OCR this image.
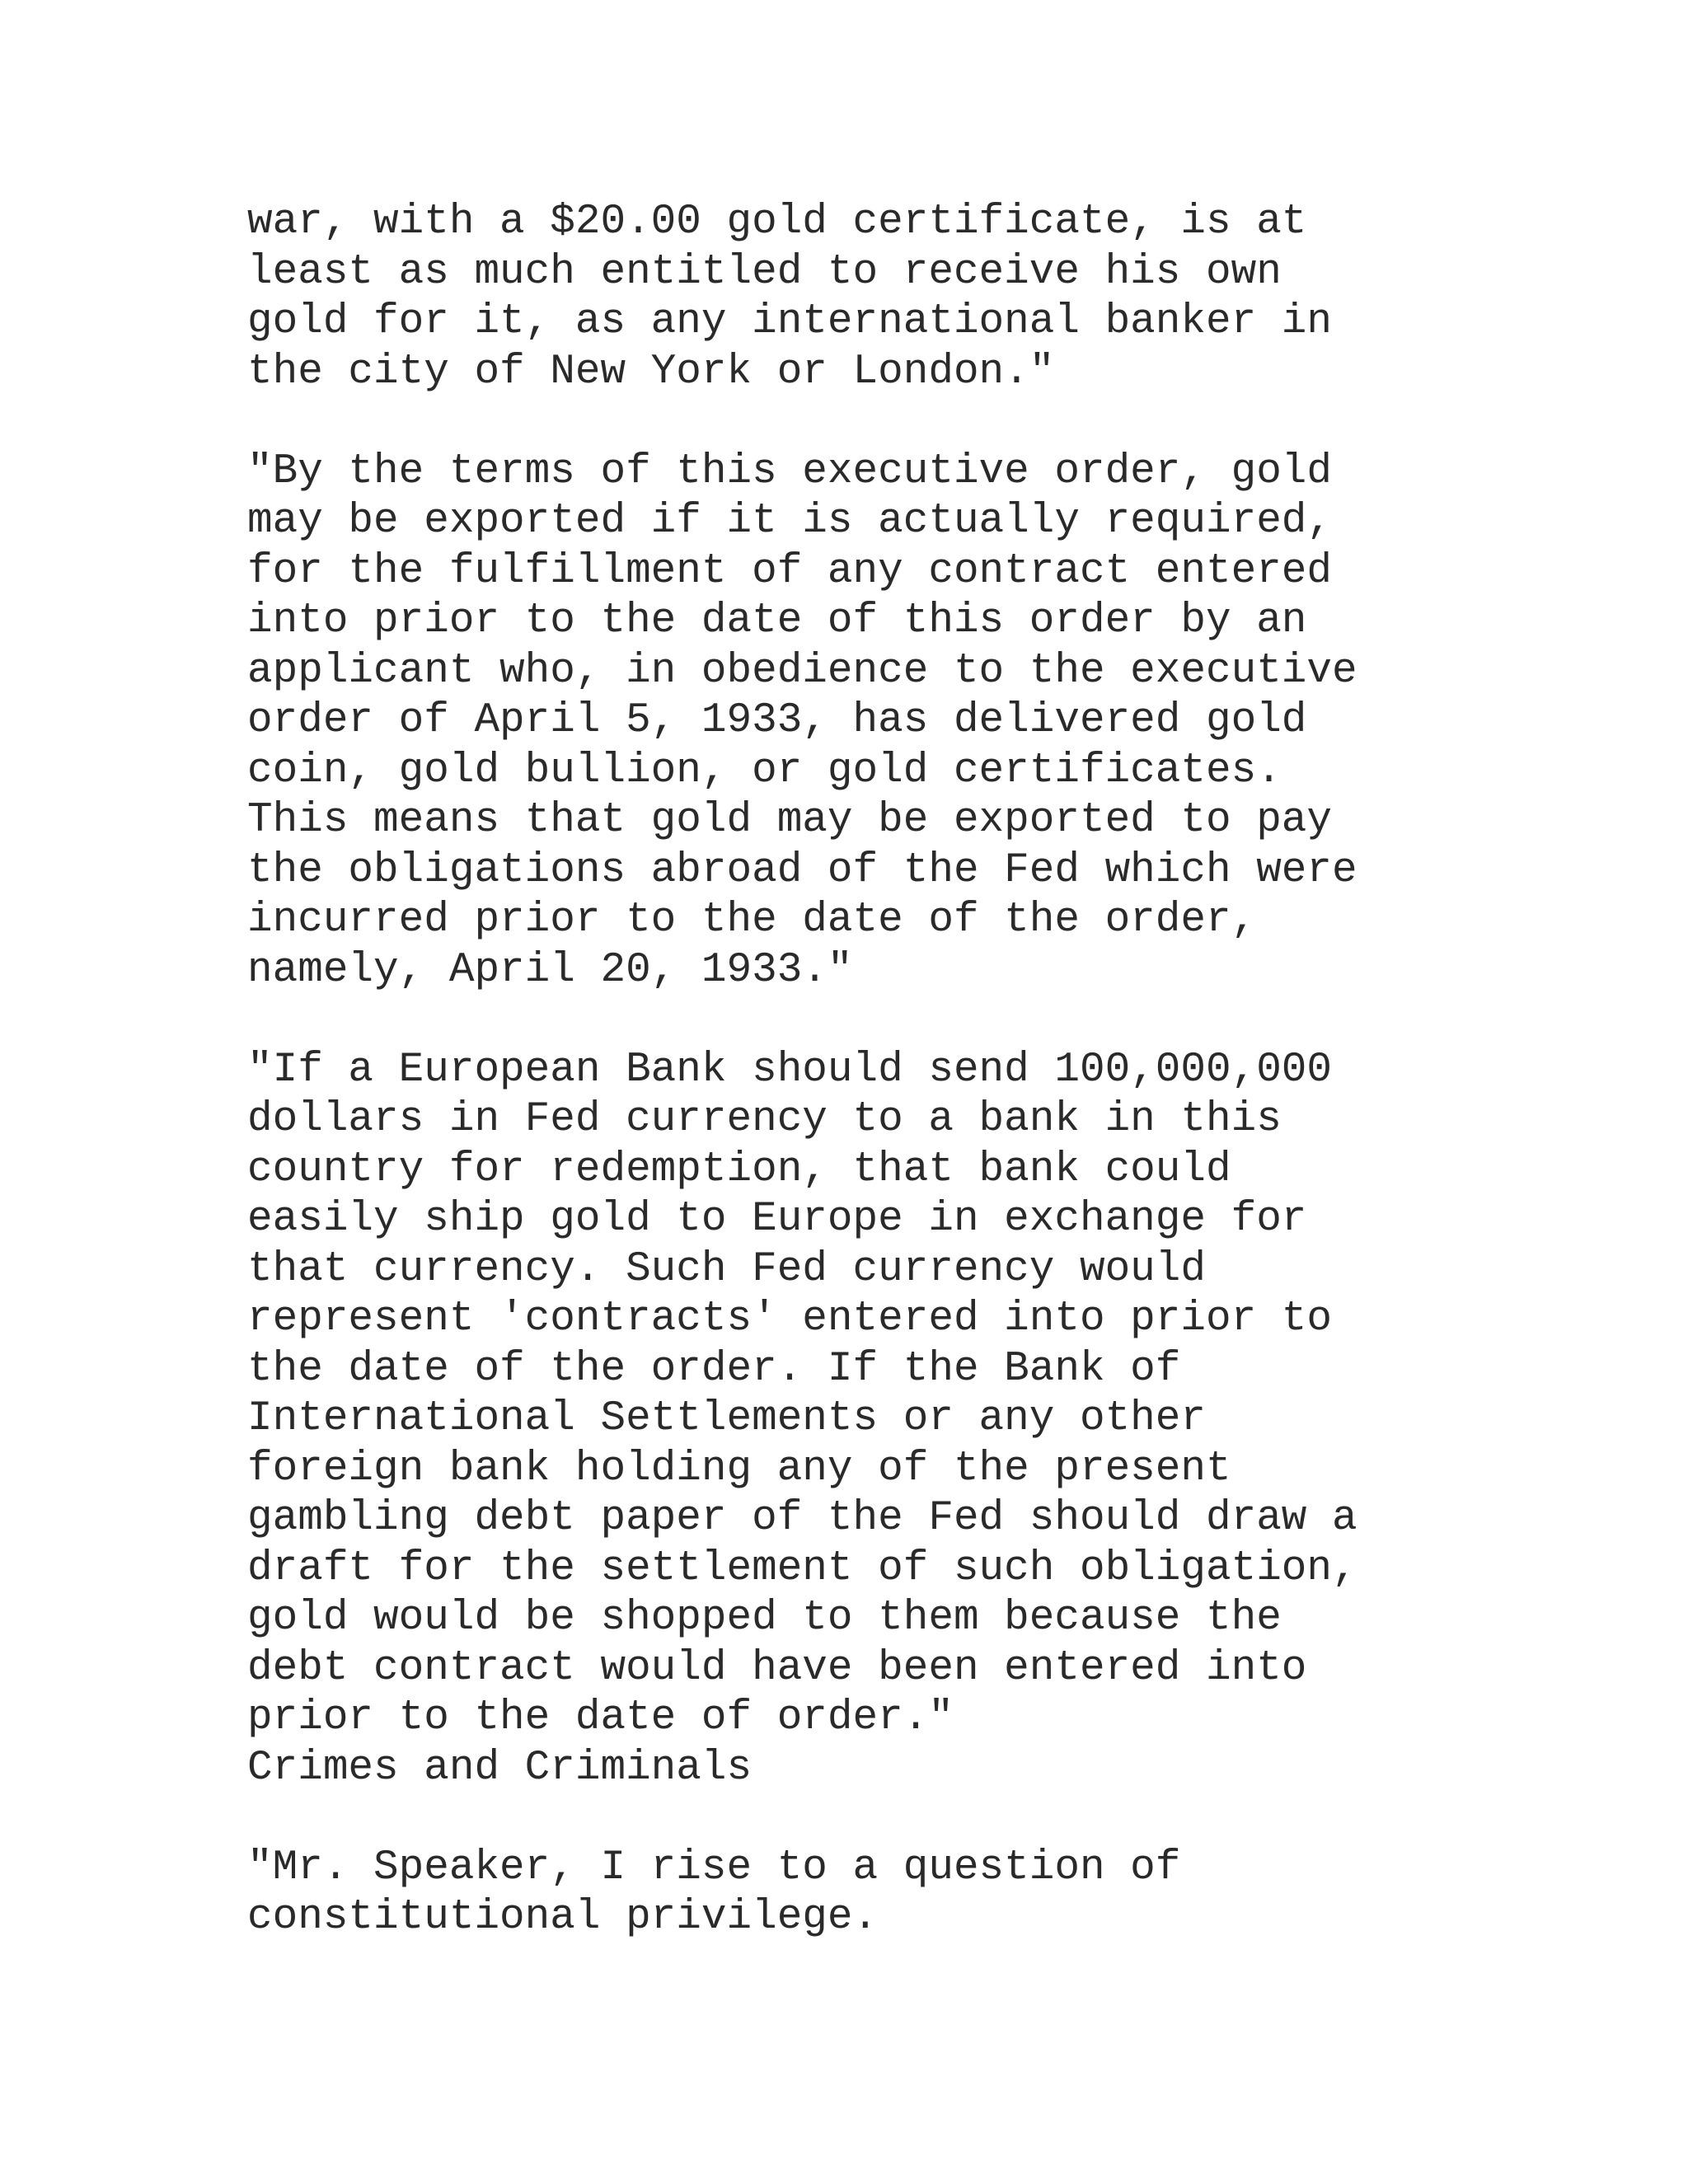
war, with a $20.00 gold certificate, is at
least as much entitled to receive his own
gold for it, as any international banker in
the city of New York or London."
"By the terms of this executive order, gold
may be exported if it is actually required,
for the fulfillment of any contract entered
into prior to the date of this order by an
applicant who, in obedience to the executive
order of April 5, 1933, has delivered gold
coin, gold bullion, or gold certificates.
This means that gold may be exported to pay
the obligations abroad of the Fed which were
incurred prior to the date of the order,
namely, April 20, 1933."
"If a European Bank should send 100,000,000
dollars in Fed currency to a bank in this
country for redemption, that bank could
easily ship gold to Europe in exchange for
that currency. Such Fed currency would
represent 'contracts' entered into prior to
the date of the order. If the Bank of
International Settlements or any other
foreign bank holding any of the present
gambling debt paper of the Fed should draw a
draft for the settlement of such obligation,
gold would be shopped to them because the
debt contract would have been entered into
prior to the date of order."
Crimes and Criminals
"Mr. Speaker, I rise to a question of
constitutional privilege.
